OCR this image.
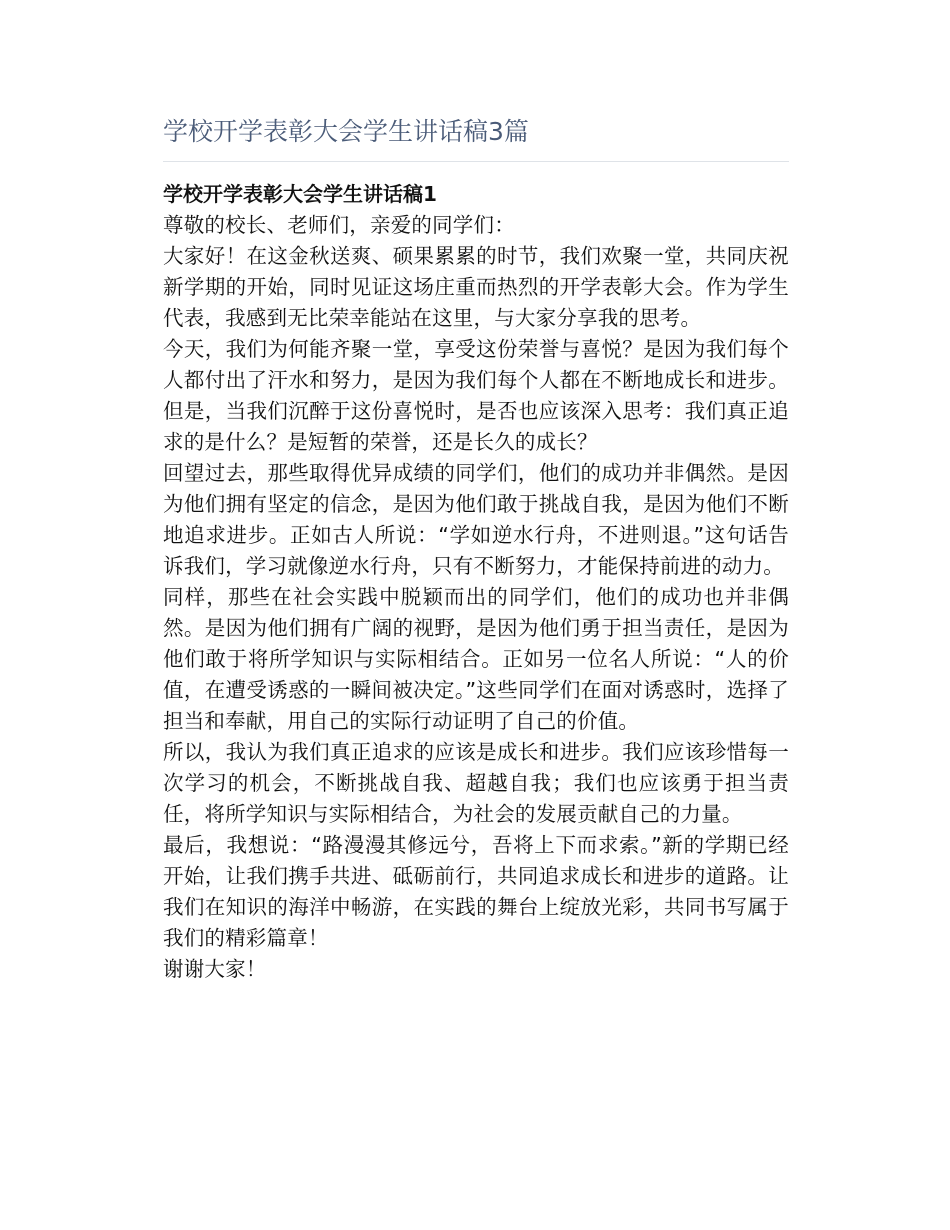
学校开学表彰大会学生讲话稿3篇
学校开学表彰大会学生讲话稿1

尊敬的校长、老师们，亲爱的同学们：

大家好！在这金秋送爽、硕果累累的时节，我们欢聚一堂，共同庆祝新学期的开始，同时见证这场庄重而热烈的开学表彰大会。作为学生代表，我感到无比荣幸能站在这里，与大家分享我的思考。

今天，我们为何能齐聚一堂，享受这份荣誉与喜悦？是因为我们每个人都付出了汗水和努力，是因为我们每个人都在不断地成长和进步。但是，当我们沉醉于这份喜悦时，是否也应该深入思考：我们真正追求的是什么？是短暂的荣誉，还是长久的成长？

回望过去，那些取得优异成绩的同学们，他们的成功并非偶然。是因为他们拥有坚定的信念，是因为他们敢于挑战自我，是因为他们不断地追求进步。正如古人所说：“学如逆水行舟，不进则退。”这句话告诉我们，学习就像逆水行舟，只有不断努力，才能保持前进的动力。

同样，那些在社会实践中脱颖而出的同学们，他们的成功也并非偶然。是因为他们拥有广阔的视野，是因为他们勇于担当责任，是因为他们敢于将所学知识与实际相结合。正如另一位名人所说：“人的价值，在遭受诱惑的一瞬间被决定。”这些同学们在面对诱惑时，选择了担当和奉献，用自己的实际行动证明了自己的价值。

所以，我认为我们真正追求的应该是成长和进步。我们应该珍惜每一次学习的机会，不断挑战自我、超越自我；我们也应该勇于担当责任，将所学知识与实际相结合，为社会的发展贡献自己的力量。

最后，我想说：“路漫漫其修远兮，吾将上下而求索。”新的学期已经开始，让我们携手共进、砥砺前行，共同追求成长和进步的道路。让我们在知识的海洋中畅游，在实践的舞台上绽放光彩，共同书写属于我们的精彩篇章！

谢谢大家！
